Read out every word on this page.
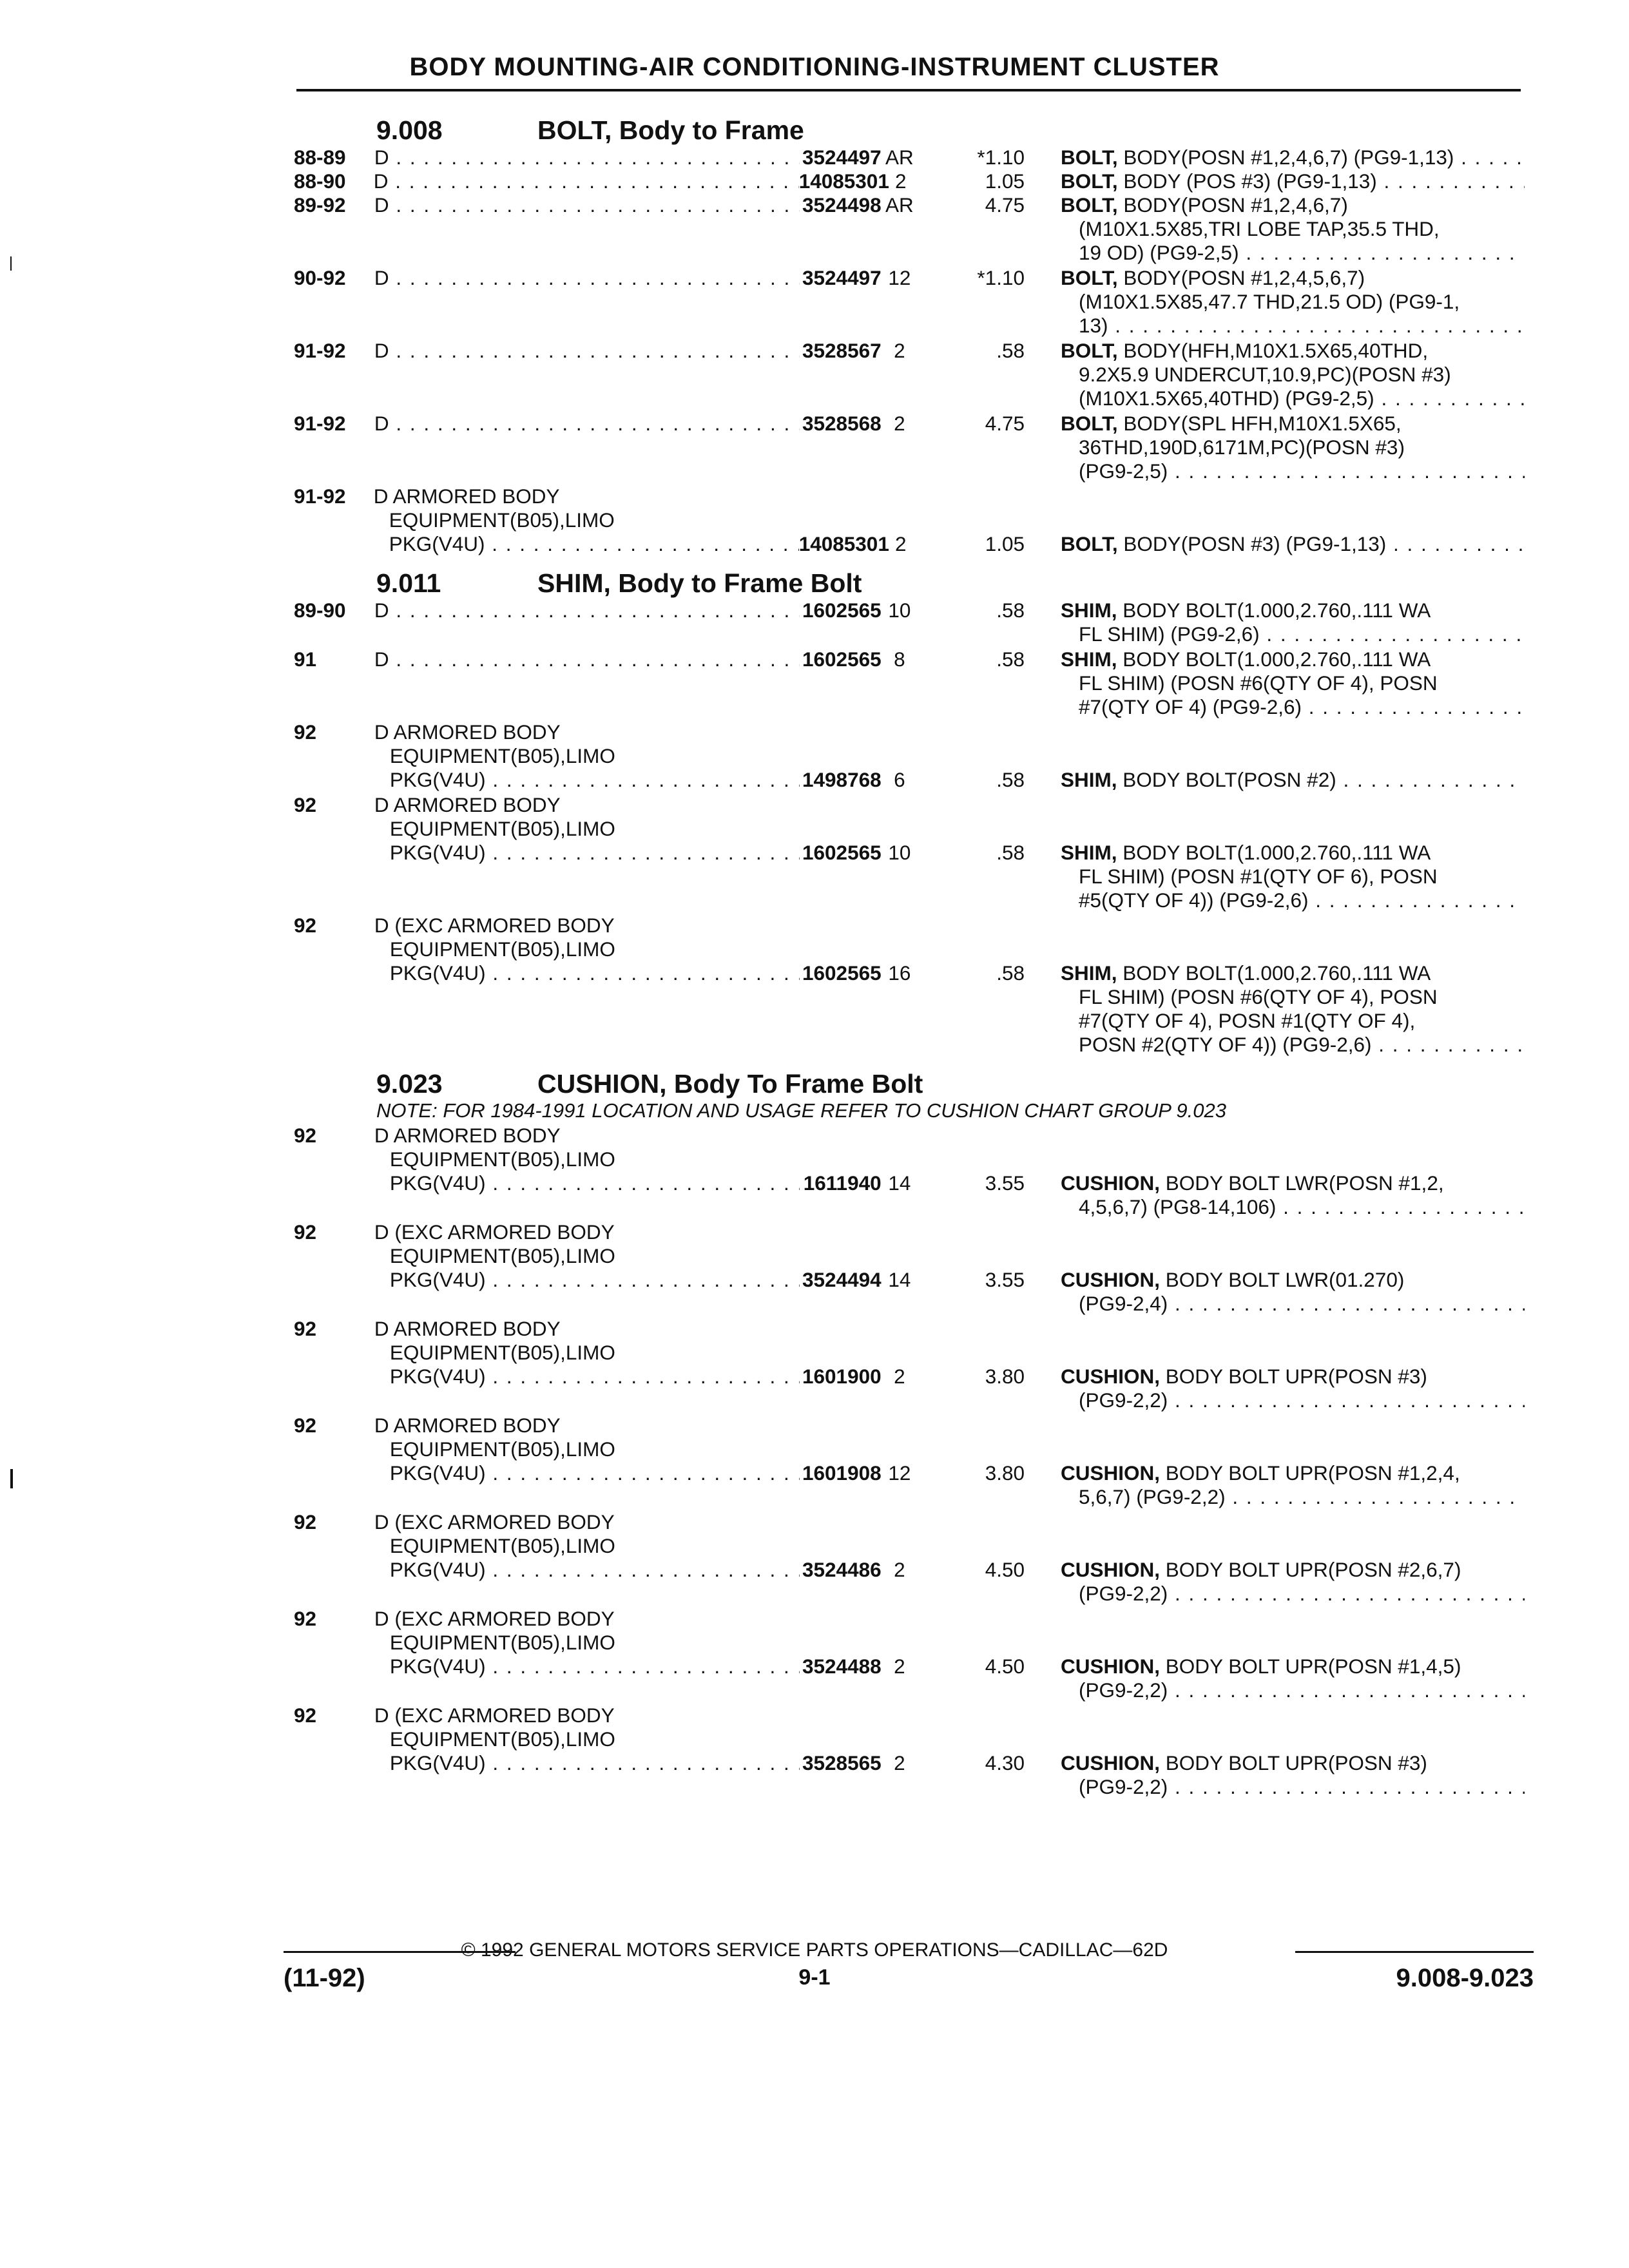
BODY MOUNTING-AIR CONDITIONING-INSTRUMENT CLUSTER
9.008	BOLT, Body to Frame
88-89	D . . .	3524497 AR	*1.10	BOLT, BODY(POSN #1,2,4,6,7) (PG9-1,13) . . .
88-90	D . . .	14085301 2	1.05	BOLT, BODY (POS #3) (PG9-1,13) . . .
89-92	D . . .	3524498 AR	4.75	BOLT, BODY(POSN #1,2,4,6,7)
(M10X1.5X85,TRI LOBE TAP,35.5 THD,
19 OD) (PG9-2,5) . . .
90-92	D . . .	3524497 12	*1.10	BOLT, BODY(POSN #1,2,4,5,6,7)
(M10X1.5X85,47.7 THD,21.5 OD) (PG9-1,
13) . . .
91-92	D . . .	3528567 2	.58	BOLT, BODY(HFH,M10X1.5X65,40THD,
9.2X5.9 UNDERCUT,10.9,PC)(POSN #3)
(M10X1.5X65,40THD) (PG9-2,5) . . .
91-92	D . . .	3528568 2	4.75	BOLT, BODY(SPL HFH,M10X1.5X65,
36THD,190D,6171M,PC)(POSN #3)
(PG9-2,5) . . .
91-92	D ARMORED BODY
EQUIPMENT(B05),LIMO
PKG(V4U) . . .	14085301 2	1.05	BOLT, BODY(POSN #3) (PG9-1,13) . . .
9.011	SHIM, Body to Frame Bolt
89-90	D . . .	1602565 10	.58	SHIM, BODY BOLT(1.000,2.760,.111 WA
FL SHIM) (PG9-2,6) . . .
91	D . . .	1602565 8	.58	SHIM, BODY BOLT(1.000,2.760,.111 WA
FL SHIM) (POSN #6(QTY OF 4), POSN
#7(QTY OF 4) (PG9-2,6) . . .
92	D ARMORED BODY
EQUIPMENT(B05),LIMO
PKG(V4U) . . .	1498768 6	.58	SHIM, BODY BOLT(POSN #2) . . .
92	D ARMORED BODY
EQUIPMENT(B05),LIMO
PKG(V4U) . . .	1602565 10	.58	SHIM, BODY BOLT(1.000,2.760,.111 WA
FL SHIM) (POSN #1(QTY OF 6), POSN
#5(QTY OF 4)) (PG9-2,6) . . .
92	D (EXC ARMORED BODY
EQUIPMENT(B05),LIMO
PKG(V4U) . . .	1602565 16	.58	SHIM, BODY BOLT(1.000,2.760,.111 WA
FL SHIM) (POSN #6(QTY OF 4), POSN
#7(QTY OF 4), POSN #1(QTY OF 4),
POSN #2(QTY OF 4)) (PG9-2,6) . . .
9.023	CUSHION, Body To Frame Bolt
NOTE: FOR 1984-1991 LOCATION AND USAGE REFER TO CUSHION CHART GROUP 9.023
92	D ARMORED BODY
EQUIPMENT(B05),LIMO
PKG(V4U) . . .	1611940 14	3.55	CUSHION, BODY BOLT LWR(POSN #1,2,
4,5,6,7) (PG8-14,106) . . .
92	D (EXC ARMORED BODY
EQUIPMENT(B05),LIMO
PKG(V4U) . . .	3524494 14	3.55	CUSHION, BODY BOLT LWR(01.270)
(PG9-2,4) . . .
92	D ARMORED BODY
EQUIPMENT(B05),LIMO
PKG(V4U) . . .	1601900 2	3.80	CUSHION, BODY BOLT UPR(POSN #3)
(PG9-2,2) . . .
92	D ARMORED BODY
EQUIPMENT(B05),LIMO
PKG(V4U) . . .	1601908 12	3.80	CUSHION, BODY BOLT UPR(POSN #1,2,4,
5,6,7) (PG9-2,2) . . .
92	D (EXC ARMORED BODY
EQUIPMENT(B05),LIMO
PKG(V4U) . . .	3524486 2	4.50	CUSHION, BODY BOLT UPR(POSN #2,6,7)
(PG9-2,2) . . .
92	D (EXC ARMORED BODY
EQUIPMENT(B05),LIMO
PKG(V4U) . . .	3524488 2	4.50	CUSHION, BODY BOLT UPR(POSN #1,4,5)
(PG9-2,2) . . .
92	D (EXC ARMORED BODY
EQUIPMENT(B05),LIMO
PKG(V4U) . . .	3528565 2	4.30	CUSHION, BODY BOLT UPR(POSN #3)
(PG9-2,2) . . .
© 1992 GENERAL MOTORS SERVICE PARTS OPERATIONS—CADILLAC—62D
(11-92)	9-1	9.008-9.023
